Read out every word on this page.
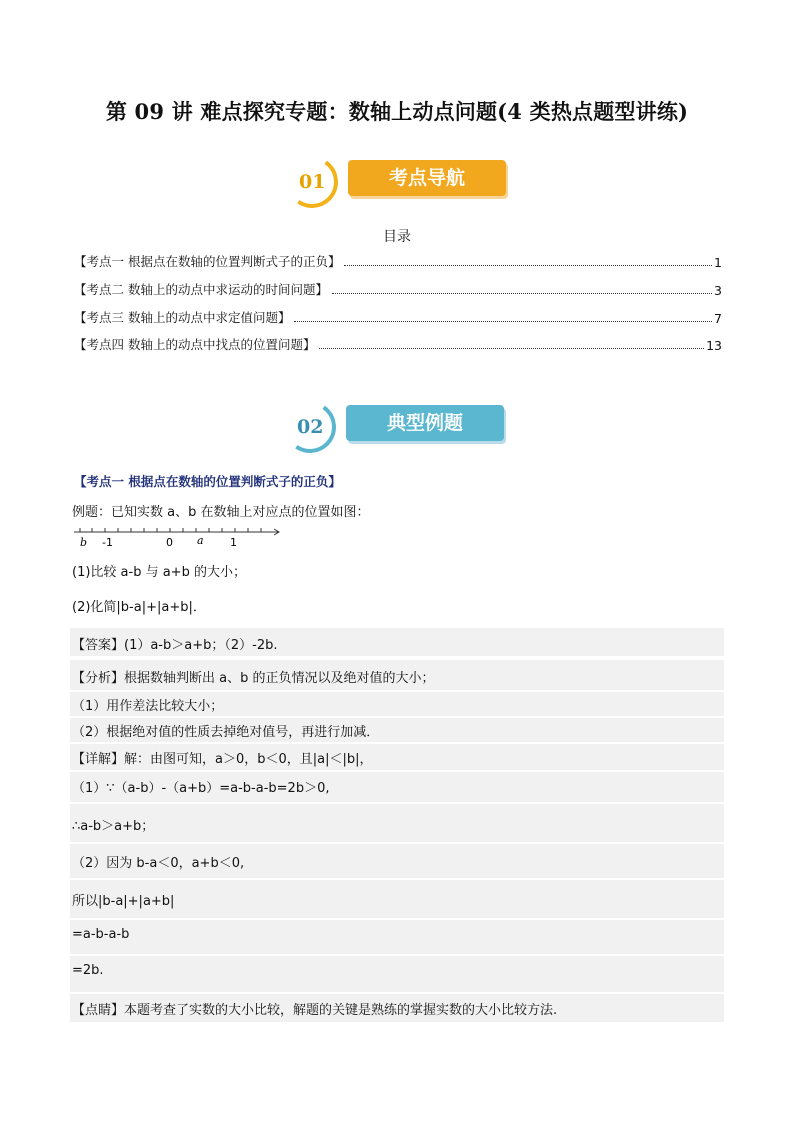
第 09 讲 难点探究专题：数轴上动点问题(4 类热点题型讲练)
01	考点导航
目录
【考点一 根据点在数轴的位置判断式子的正负】	1
【考点二 数轴上的动点中求运动的时间问题】	3
【考点三 数轴上的动点中求定值问题】	7
【考点四 数轴上的动点中找点的位置问题】	13
02	典型例题
【考点一 根据点在数轴的位置判断式子的正负】
例题：已知实数 a、b 在数轴上对应点的位置如图：
b -1	0 a 1
(1)比较 a-b 与 a+b 的大小；
(2)化简|b-a|+|a+b|．
【答案】(1）a-b＞a+b；（2）-2b.
【分析】根据数轴判断出 a、b 的正负情况以及绝对值的大小；
（1）用作差法比较大小；
（2）根据绝对值的性质去掉绝对值号，再进行加减．
【详解】解：由图可知，a＞0，b＜0，且|a|＜|b|，
（1）∵（a-b）-（a+b）=a-b-a-b=2b＞0,
∴a-b＞a+b；
（2）因为 b-a＜0，a+b＜0,
所以|b-a|+|a+b|
=a-b-a-b
=2b.
【点睛】本题考查了实数的大小比较，解题的关键是熟练的掌握实数的大小比较方法.
